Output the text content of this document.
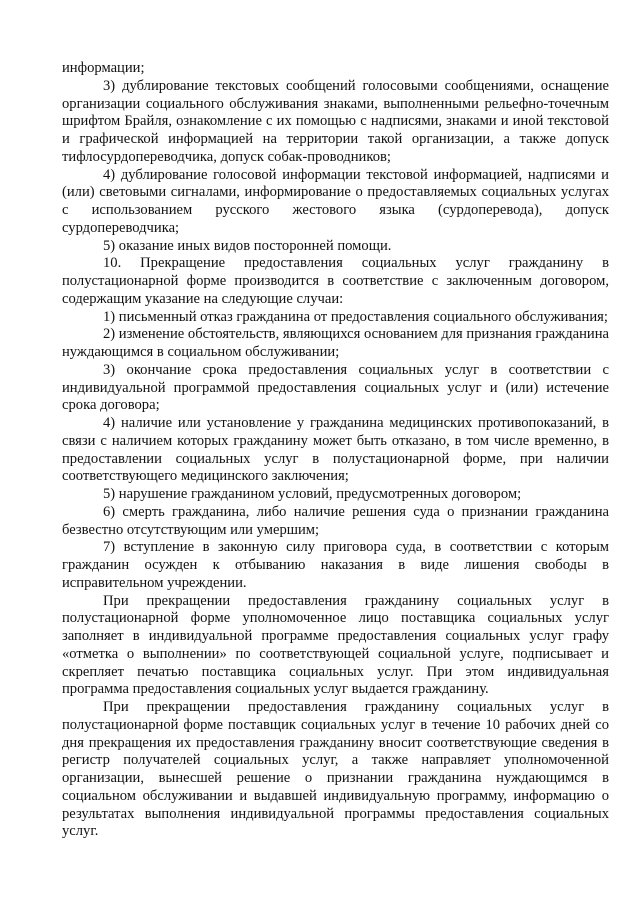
информации;

3) дублирование текстовых сообщений голосовыми сообщениями, оснащение организации социального обслуживания знаками, выполненными рельефно-точечным шрифтом Брайля, ознакомление с их помощью с надписями, знаками и иной текстовой и графической информацией на территории такой организации, а также допуск тифлосурдопереводчика, допуск собак-проводников;

4) дублирование голосовой информации текстовой информацией, надписями и (или) световыми сигналами, информирование о предоставляемых социальных услугах с использованием русского жестового языка (сурдоперевода), допуск сурдопереводчика;

5) оказание иных видов посторонней помощи.

10. Прекращение предоставления социальных услуг гражданину в полустационарной форме производится в соответствие с заключенным договором, содержащим указание на следующие случаи:

1) письменный отказ гражданина от предоставления социального обслуживания;

2) изменение обстоятельств, являющихся основанием для признания гражданина нуждающимся в социальном обслуживании;

3) окончание срока предоставления социальных услуг в соответствии с индивидуальной программой предоставления социальных услуг и (или) истечение срока договора;

4) наличие или установление у гражданина медицинских противопоказаний, в связи с наличием которых гражданину может быть отказано, в том числе временно, в предоставлении социальных услуг в полустационарной форме, при наличии соответствующего медицинского заключения;

5) нарушение гражданином условий, предусмотренных договором;

6) смерть гражданина, либо наличие решения суда о признании гражданина безвестно отсутствующим или умершим;

7) вступление в законную силу приговора суда, в соответствии с которым гражданин осужден к отбыванию наказания в виде лишения свободы в исправительном учреждении.

При прекращении предоставления гражданину социальных услуг в полустационарной форме уполномоченное лицо поставщика социальных услуг заполняет в индивидуальной программе предоставления социальных услуг графу «отметка о выполнении» по соответствующей социальной услуге, подписывает и скрепляет печатью поставщика социальных услуг. При этом индивидуальная программа предоставления социальных услуг выдается гражданину.

При прекращении предоставления гражданину социальных услуг в полустационарной форме поставщик социальных услуг в течение 10 рабочих дней со дня прекращения их предоставления гражданину вносит соответствующие сведения в регистр получателей социальных услуг, а также направляет уполномоченной организации, вынесшей решение о признании гражданина нуждающимся в социальном обслуживании и выдавшей индивидуальную программу, информацию о результатах выполнения индивидуальной программы предоставления социальных услуг.
